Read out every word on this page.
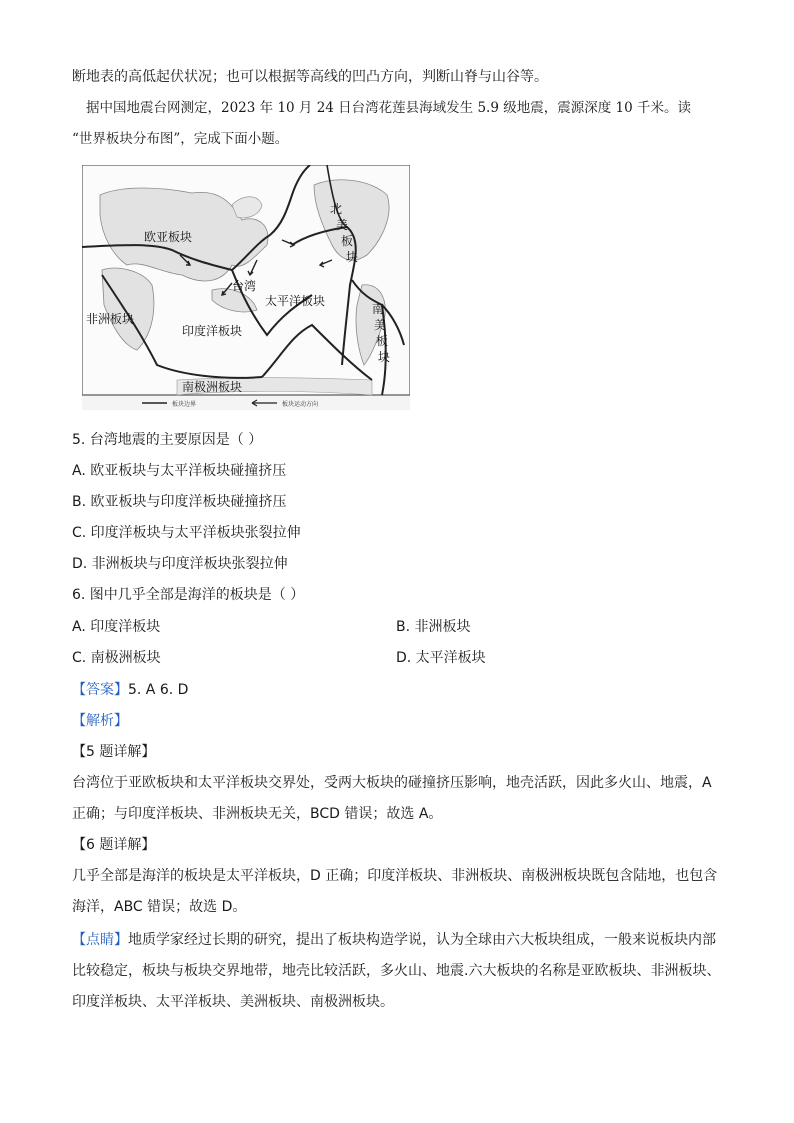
断地表的高低起伏状况；也可以根据等高线的凹凸方向，判断山脊与山谷等。
据中国地震台网测定，2023 年 10 月 24 日台湾花莲县海域发生 5.9 级地震，震源深度 10 千米。读
“世界板块分布图”，完成下面小题。
欧亚板块
非洲板块
印度洋板块
太平洋板块
台湾
北
美
板
块
南
美
板
块
南极洲板块
板块边界	板块运动方向
5. 台湾地震的主要原因是（ ）
A. 欧亚板块与太平洋板块碰撞挤压
B. 欧亚板块与印度洋板块碰撞挤压
C. 印度洋板块与太平洋板块张裂拉伸
D. 非洲板块与印度洋板块张裂拉伸
6. 图中几乎全部是海洋的板块是（ ）
A. 印度洋板块	B. 非洲板块
C. 南极洲板块	D. 太平洋板块
【答案】5. A 6. D
【解析】
【5 题详解】
台湾位于亚欧板块和太平洋板块交界处，受两大板块的碰撞挤压影响，地壳活跃，因此多火山、地震，A
正确；与印度洋板块、非洲板块无关，BCD 错误；故选 A。
【6 题详解】
几乎全部是海洋的板块是太平洋板块，D 正确；印度洋板块、非洲板块、南极洲板块既包含陆地，也包含
海洋，ABC 错误；故选 D。
【点睛】地质学家经过长期的研究，提出了板块构造学说，认为全球由六大板块组成，一般来说板块内部
比较稳定，板块与板块交界地带，地壳比较活跃，多火山、地震.六大板块的名称是亚欧板块、非洲板块、
印度洋板块、太平洋板块、美洲板块、南极洲板块。
